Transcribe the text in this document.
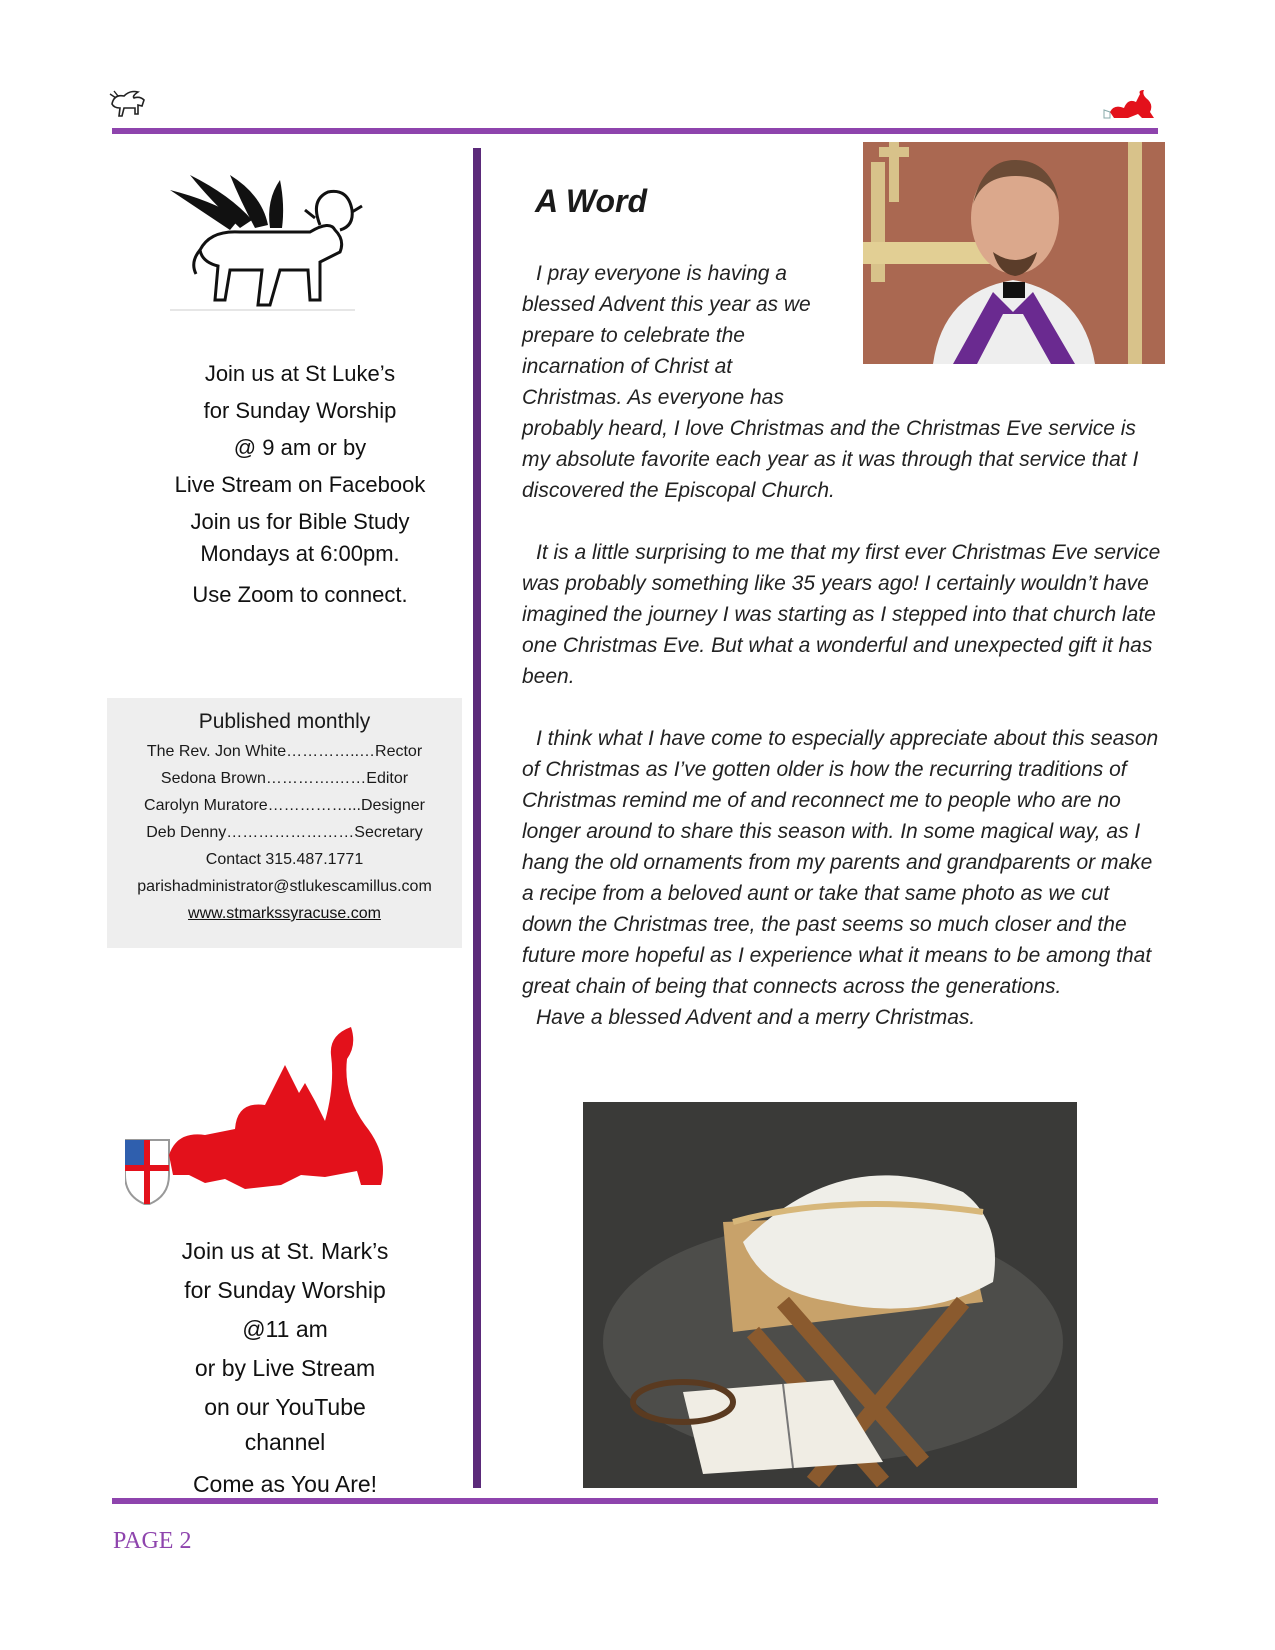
Join us at St Luke’s
for Sunday Worship
@ 9 am or by
Live Stream on Facebook
Join us for Bible Study
Mondays at 6:00pm.
Use Zoom to connect.
Published monthly
The Rev. Jon White…………..…Rector
Sedona Brown………….……Editor
Carolyn Muratore……………...Designer
Deb Denny……………………Secretary
Contact 315.487.1771
parishadministrator@stlukescamillus.com
www.stmarkssyracuse.com
Join us at St. Mark’s
for Sunday Worship
@11 am
or by Live Stream
on our YouTube
channel
Come as You Are!
A Word

I pray everyone is having a blessed Advent this year as we prepare to celebrate the incarnation of Christ at Christmas. As everyone has probably heard, I love Christmas and the Christmas Eve service is my absolute favorite each year as it was through that service that I discovered the Episcopal Church.

It is a little surprising to me that my first ever Christmas Eve service was probably something like 35 years ago! I certainly wouldn’t have imagined the journey I was starting as I stepped into that church late one Christmas Eve. But what a wonderful and unexpected gift it has been.

I think what I have come to especially appreciate about this season of Christmas as I’ve gotten older is how the recurring traditions of Christmas remind me of and reconnect me to people who are no longer around to share this season with. In some magical way, as I hang the old ornaments from my parents and grandparents or make a recipe from a beloved aunt or take that same photo as we cut down the Christmas tree, the past seems so much closer and the future more hopeful as I experience what it means to be among that great chain of being that connects across the generations.

Have a blessed Advent and a merry Christmas.

PAGE 2
